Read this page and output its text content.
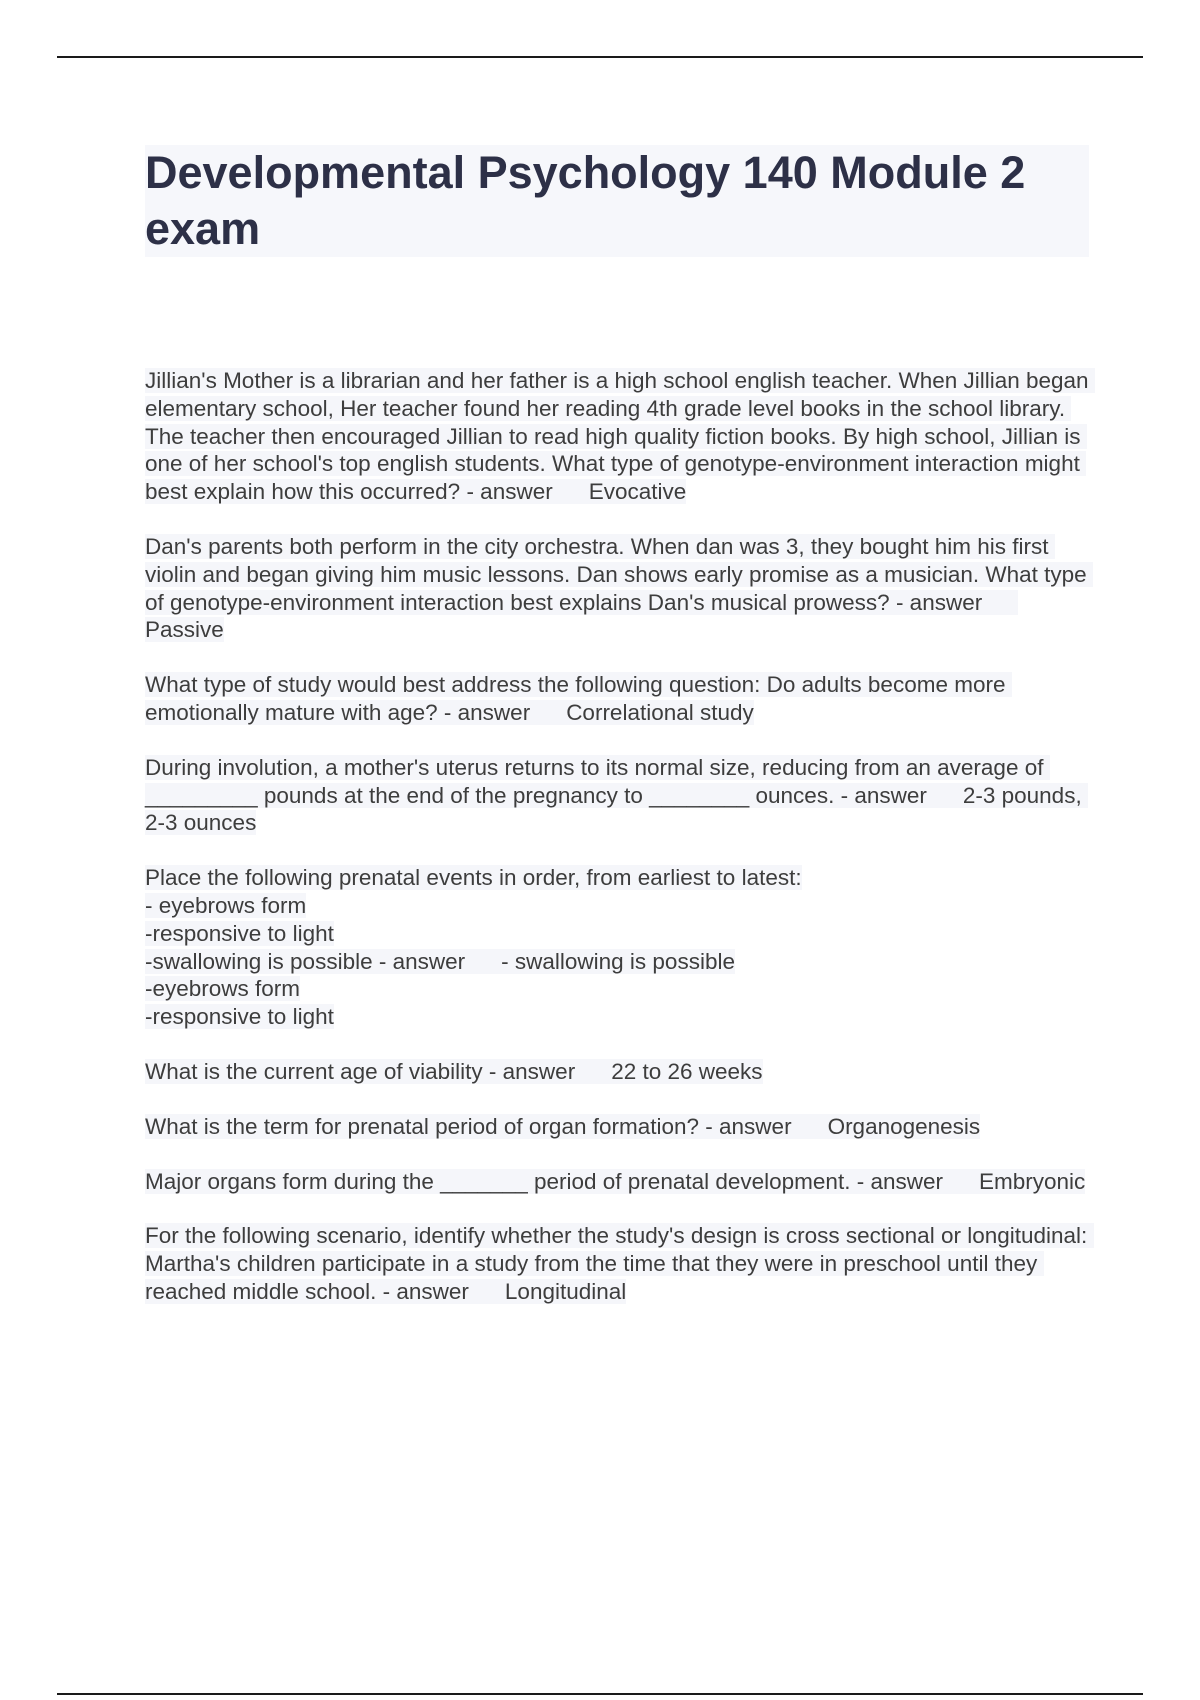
Developmental Psychology 140 Module 2 exam

Jillian's Mother is a librarian and her father is a high school english teacher. When Jillian began elementary school, Her teacher found her reading 4th grade level books in the school library. The teacher then encouraged Jillian to read high quality fiction books. By high school, Jillian is one of her school's top english students. What type of genotype-environment interaction might best explain how this occurred? - answer Evocative

Dan's parents both perform in the city orchestra. When dan was 3, they bought him his first violin and began giving him music lessons. Dan shows early promise as a musician. What type of genotype-environment interaction best explains Dan's musical prowess? - answerPassive

What type of study would best address the following question: Do adults become more emotionally mature with age? - answer Correlational study

During involution, a mother's uterus returns to its normal size, reducing from an average of _________ pounds at the end of the pregnancy to ________ ounces. - answer 2-3 pounds, 2-3 ounces

Place the following prenatal events in order, from earliest to latest:
- eyebrows form
-responsive to light
-swallowing is possible - answer - swallowing is possible
-eyebrows form
-responsive to light

What is the current age of viability - answer 22 to 26 weeks

What is the term for prenatal period of organ formation? - answer Organogenesis

Major organs form during the _______ period of prenatal development. - answer Embryonic

For the following scenario, identify whether the study's design is cross sectional or longitudinal: Martha's children participate in a study from the time that they were in preschool until they reached middle school. - answer Longitudinal
